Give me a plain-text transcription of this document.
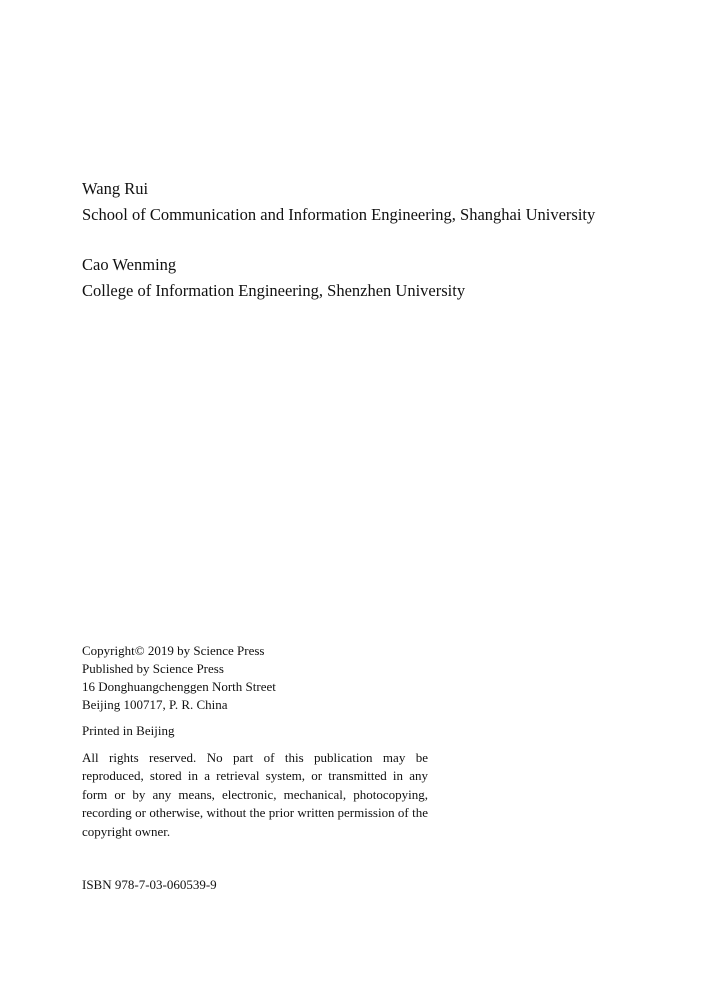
Wang Rui
School of Communication and Information Engineering, Shanghai University
Cao Wenming
College of Information Engineering, Shenzhen University
Copyright© 2019 by Science Press
Published by Science Press
16 Donghuangchenggen North Street
Beijing 100717, P. R. China
Printed in Beijing
All rights reserved. No part of this publication may be reproduced, stored in a retrieval system, or transmitted in any form or by any means, electronic, mechanical, photocopying, recording or otherwise, without the prior written permission of the copyright owner.
ISBN 978-7-03-060539-9
